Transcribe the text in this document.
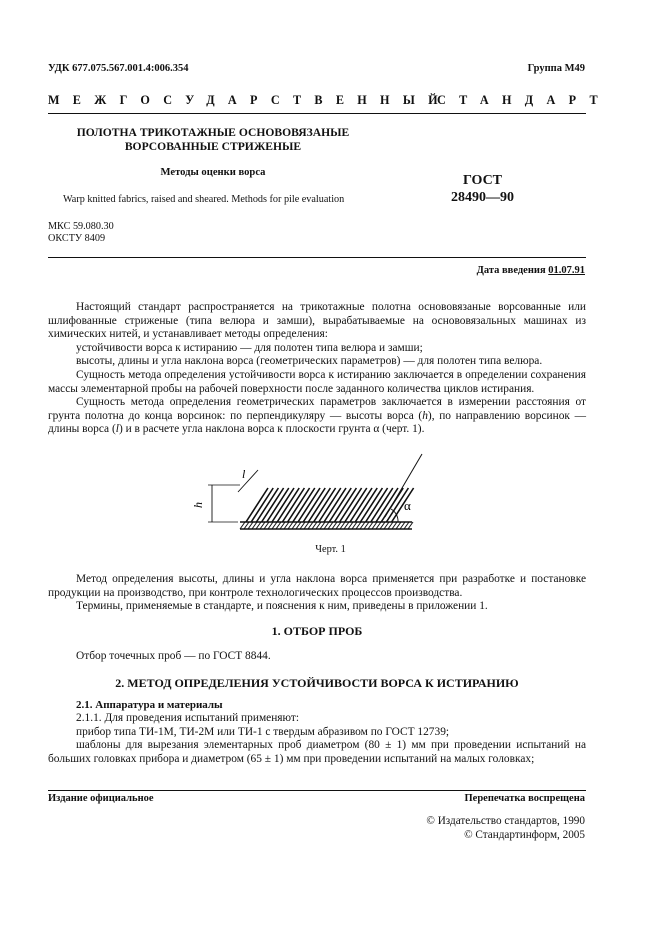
УДК 677.075.567.001.4:006.354	Группа М49
МЕЖГОСУДАРСТВЕННЫЙ
СТАНДАРТ
ПОЛОТНА ТРИКОТАЖНЫЕ ОСНОВОВЯЗАНЫЕ
ВОРСОВАННЫЕ СТРИЖЕНЫЕ
Методы оценки ворса
Warp knitted fabrics, raised and sheared. Methods for pile evaluation
ГОСТ
28490—90
МКС 59.080.30
ОКСТУ 8409
Дата введения 01.07.91
Настоящий стандарт распространяется на трикотажные полотна основовязаные ворсованные или шлифованные стриженые (типа велюра и замши), вырабатываемые на основовязальных машинах из химических нитей, и устанавливает методы определения:
устойчивости ворса к истиранию — для полотен типа велюра и замши;
высоты, длины и угла наклона ворса (геометрических параметров) — для полотен типа велюра.
Сущность метода определения устойчивости ворса к истиранию заключается в определении сохранения массы элементарной пробы на рабочей поверхности после заданного количества циклов истирания.
Сущность метода определения геометрических параметров заключается в измерении расстояния от грунта полотна до конца ворсинок: по перпендикуляру — высоты ворса (h), по направлению ворсинок — длины ворса (l) и в расчете угла наклона ворса к плоскости грунта α (черт. 1).
h
l
α
Черт. 1
Метод определения высоты, длины и угла наклона ворса применяется при разработке и постановке продукции на производство, при контроле технологических процессов производства.
Термины, применяемые в стандарте, и пояснения к ним, приведены в приложении 1.
1. ОТБОР ПРОБ
Отбор точечных проб — по ГОСТ 8844.
2. МЕТОД ОПРЕДЕЛЕНИЯ УСТОЙЧИВОСТИ ВОРСА К ИСТИРАНИЮ
2.1. Аппаратура и материалы
2.1.1. Для проведения испытаний применяют:
прибор типа ТИ-1М, ТИ-2М или ТИ-1 с твердым абразивом по ГОСТ 12739;
шаблоны для вырезания элементарных проб диаметром (80 ± 1) мм при проведении испытаний на больших головках прибора и диаметром (65 ± 1) мм при проведении испытаний на малых головках;
Издание официальное	Перепечатка воспрещена
© Издательство стандартов, 1990
© Стандартинформ, 2005
